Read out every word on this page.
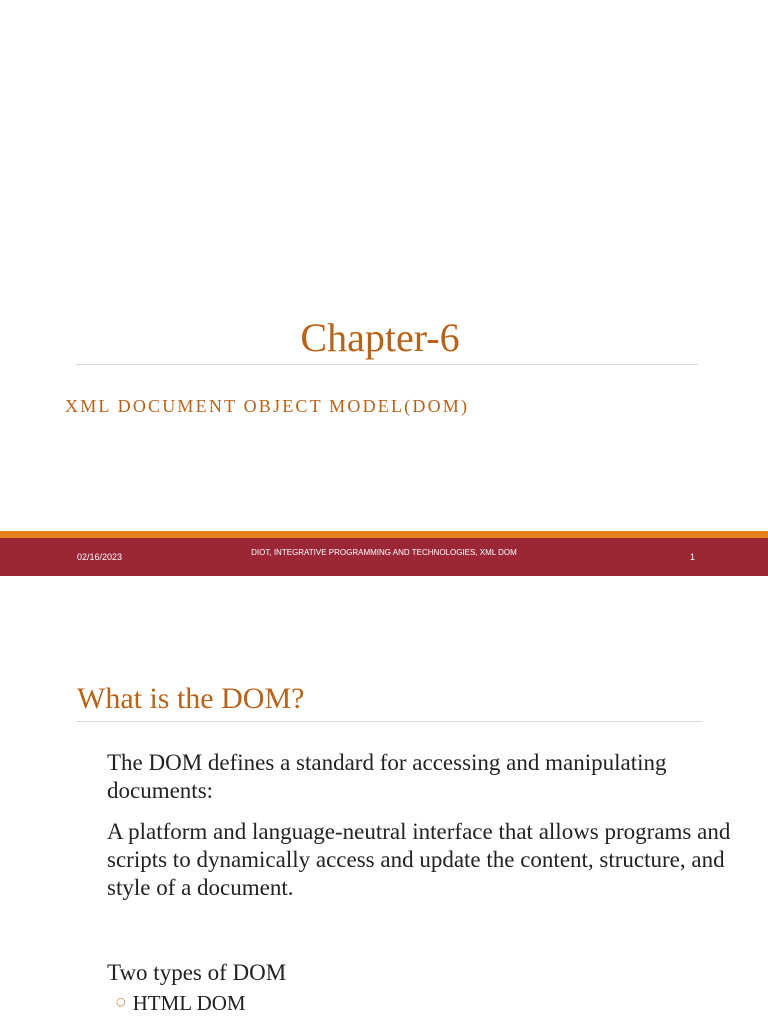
Chapter-6
XML DOCUMENT OBJECT MODEL(DOM)
02/16/2023	DIOT, INTEGRATIVE PROGRAMMING AND TECHNOLOGIES, XML DOM	1
What is the DOM?
The DOM defines a standard for accessing and manipulating documents:
A platform and language-neutral interface that allows programs and scripts to dynamically access and update the content, structure, and style of a document.
Two types of DOM
○ HTML DOM
